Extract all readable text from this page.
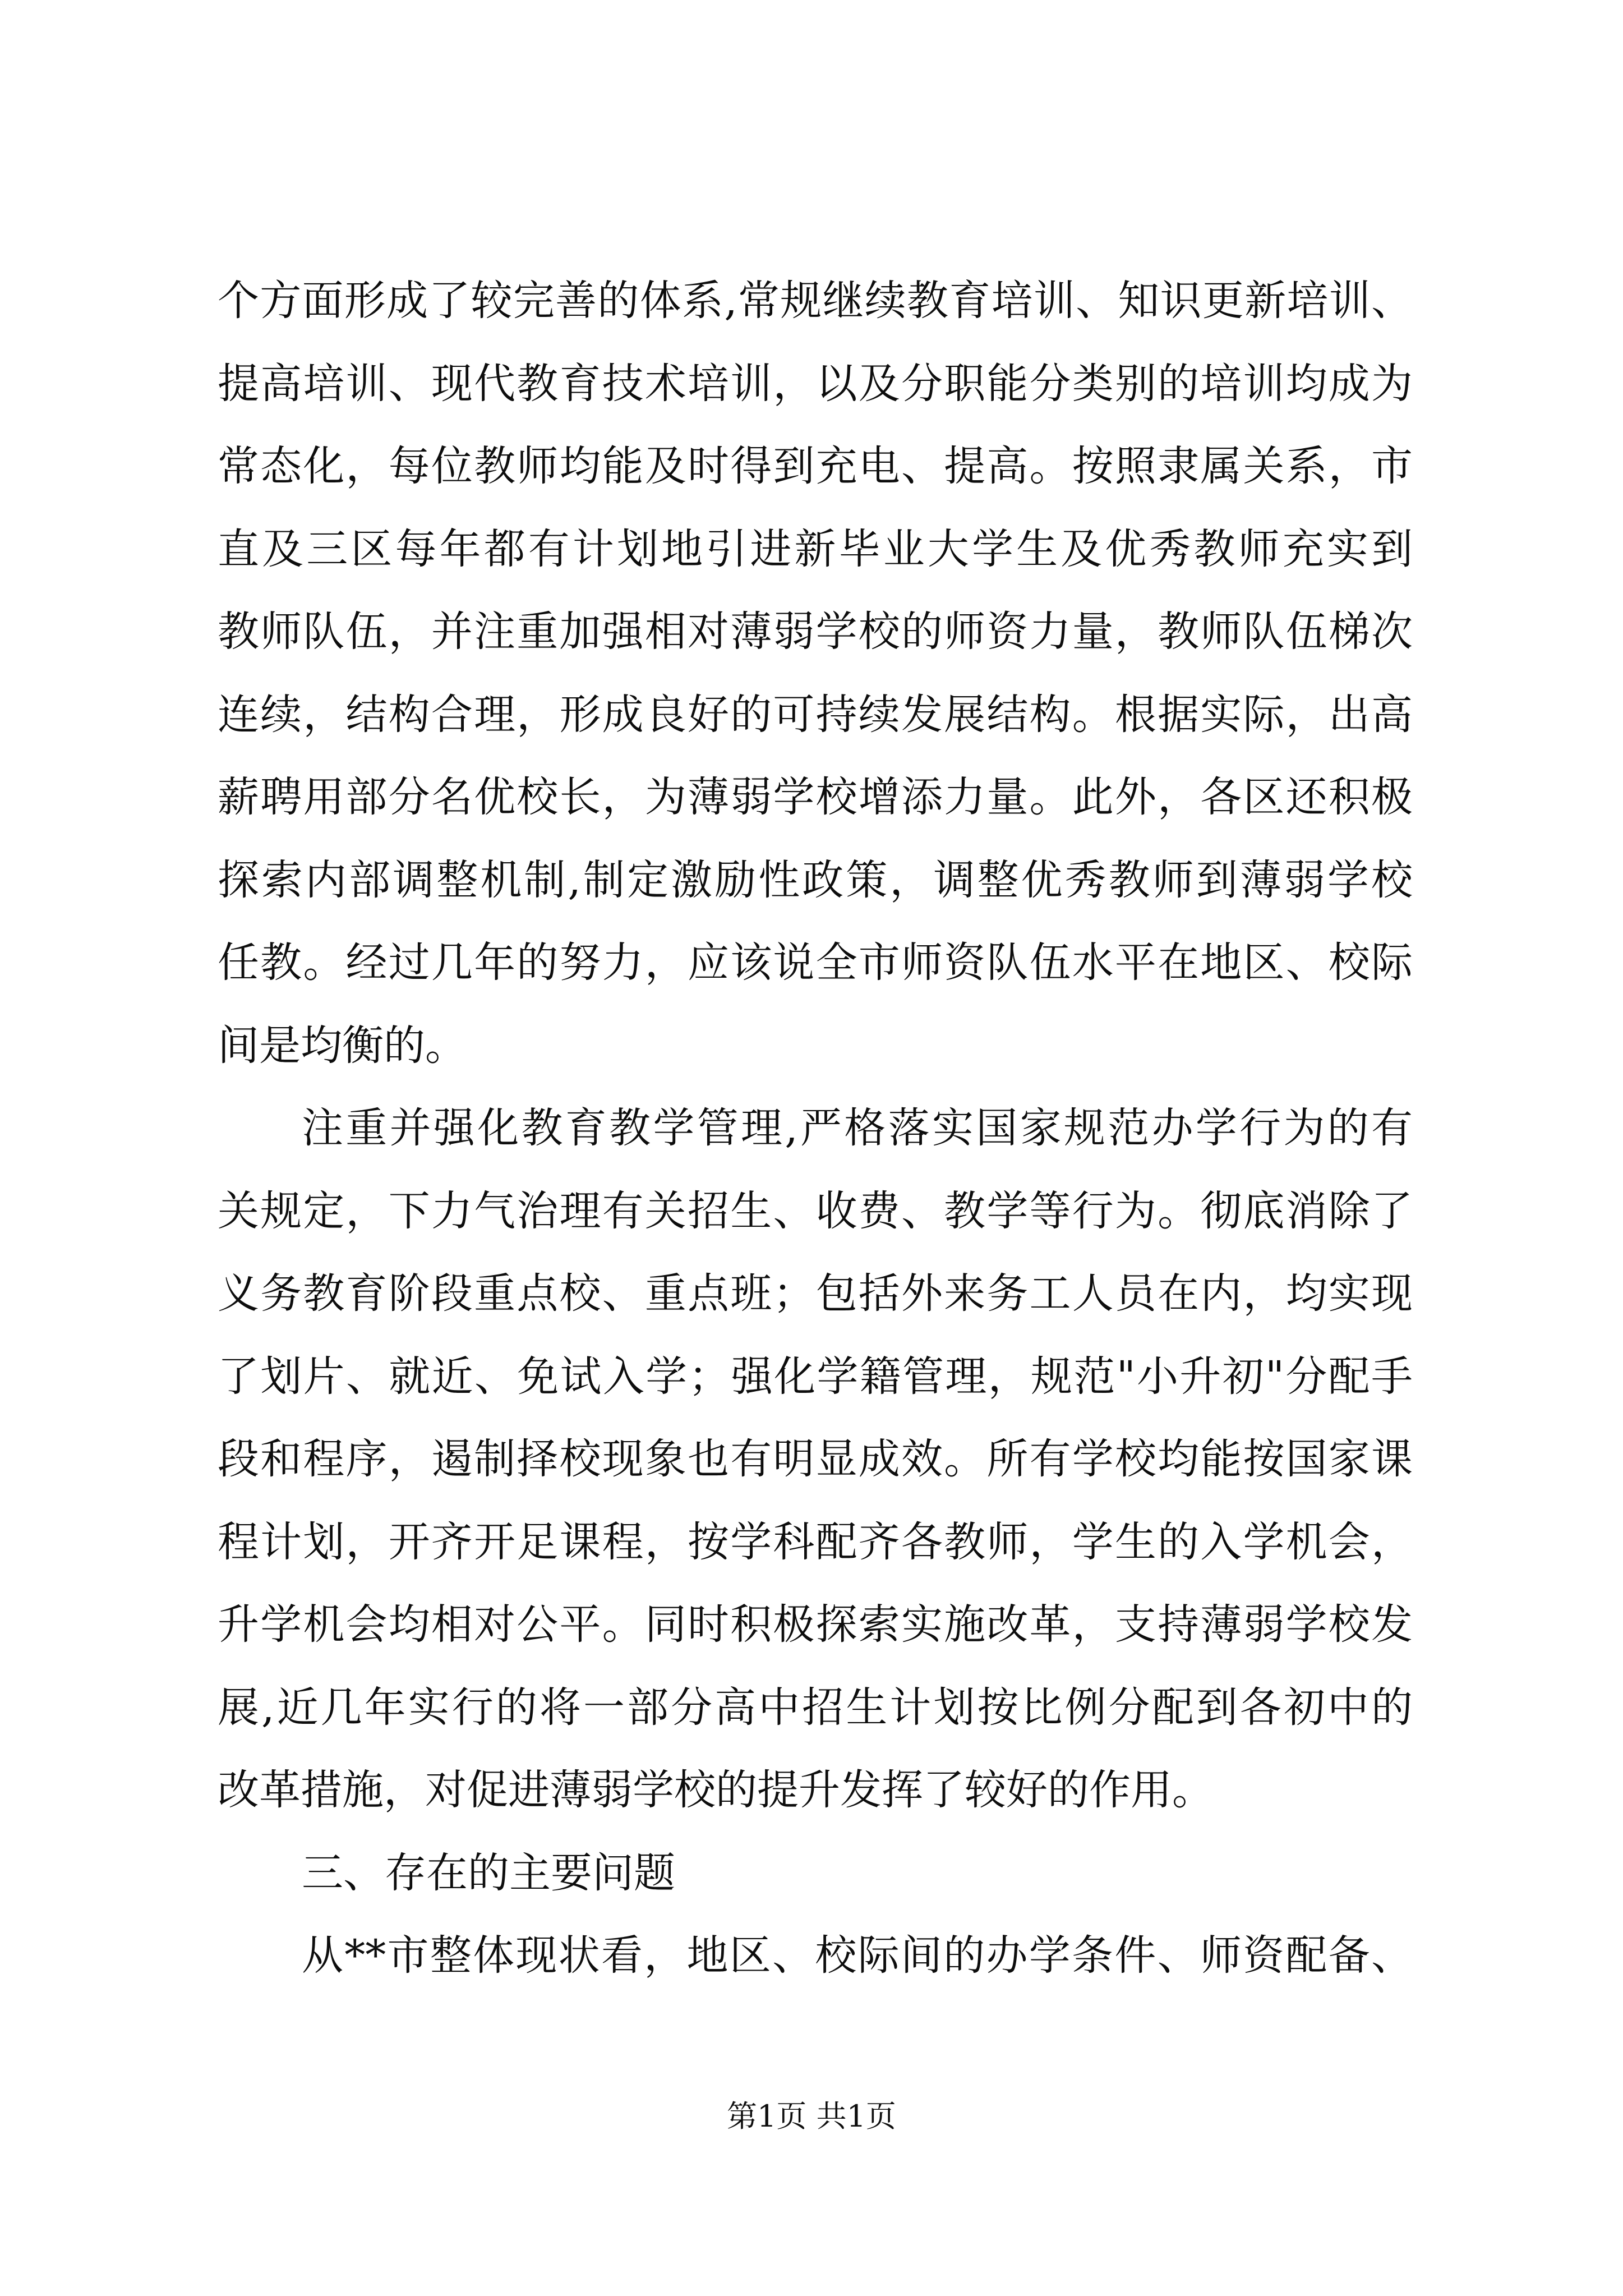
个方面形成了较完善的体系,常规继续教育培训、知识更新培训、
提高培训、现代教育技术培训，以及分职能分类别的培训均成为
常态化，每位教师均能及时得到充电、提高。按照隶属关系，市
直及三区每年都有计划地引进新毕业大学生及优秀教师充实到
教师队伍，并注重加强相对薄弱学校的师资力量，教师队伍梯次
连续，结构合理，形成良好的可持续发展结构。根据实际，出高
薪聘用部分名优校长，为薄弱学校增添力量。此外，各区还积极
探索内部调整机制,制定激励性政策，调整优秀教师到薄弱学校
任教。经过几年的努力，应该说全市师资队伍水平在地区、校际
间是均衡的。
注重并强化教育教学管理,严格落实国家规范办学行为的有
关规定，下力气治理有关招生、收费、教学等行为。彻底消除了
义务教育阶段重点校、重点班；包括外来务工人员在内，均实现
了划片、就近、免试入学；强化学籍管理，规范"小升初"分配手
段和程序，遏制择校现象也有明显成效。所有学校均能按国家课
程计划，开齐开足课程，按学科配齐各教师，学生的入学机会，
升学机会均相对公平。同时积极探索实施改革，支持薄弱学校发
展,近几年实行的将一部分高中招生计划按比例分配到各初中的
改革措施，对促进薄弱学校的提升发挥了较好的作用。
三、存在的主要问题
从**市整体现状看，地区、校际间的办学条件、师资配备、
第1页 共1页
